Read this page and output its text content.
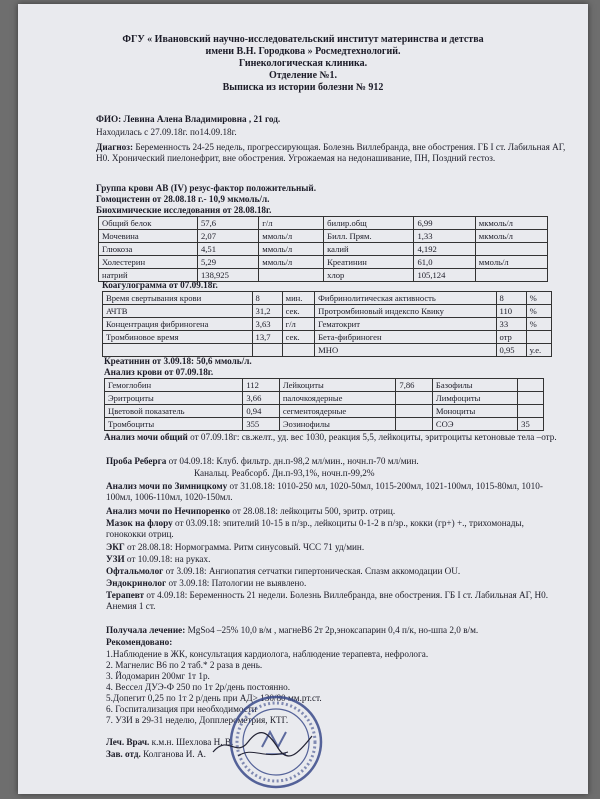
ФГУ « Ивановский научно-исследовательский институт материнства и детства
имени В.Н. Городкова » Росмедтехнологий.
Гинекологическая клиника.
Отделение №1.
Выписка из истории болезни № 912
ФИО: Левина Алена Владимировна , 21 год.
Находилась с 27.09.18г. по14.09.18г.
Диагноз: Беременность 24-25 недель, прогрессирующая. Болезнь Виллебранда, вне обострения. ГБ I ст. Лабильная АГ, Н0. Хронический пиелонефрит, вне обострения. Угрожаемая на недонашивание, ПН, Поздний гестоз.
Группа крови АВ (IV) резус-фактор положительный.
Гомоцистеин от 28.08.18 г.- 10,9 мкмоль/л.
Биохимические исследования от 28.08.18г.
Общий белок	57,6	г/л	билир.общ	6,99	мкмоль/л
Мочевина	2,07	ммоль/л	Билл. Прям.	1,33	мкмоль/л
Глюкоза	4,51	ммоль/л	калий	4,192	
Холестерин	5,29	ммоль/л	Креатинин	61,0	ммоль/л
натрий	138,925		хлор	105,124	
Коагулограмма от 07.09.18г.
Время свертывания крови	8	мин.	Фибринолитическая активность	8	%
АЧТВ	31,2	сек.	Протромбиновый индекспо Квику	110	%
Концентрация фибриногена	3,63	г/л	Гематокрит	33	%
Тромбиновое время	13,7	сек.	Бета-фибриноген	отр	
			МНО	0,95	у.е.
Креатинин от 3.09.18: 50,6 ммоль/л.
Анализ крови от 07.09.18г.
Гемоглобин	112	Лейкоциты	7,86	Базофилы	
Эритроциты	3,66	палочкоядерные		Лимфоциты	
Цветовой показатель	0,94	сегментоядерные		Моноциты	
Тромбоциты	355	Эозинофилы		СОЭ	35
Анализ мочи общий от 07.09.18г: св.желт., уд. вес 1030, реакция 5,5, лейкоциты, эритроциты кетоновые тела –отр.
Проба Реберга от 04.09.18: Клуб. фильтр. дн.п-98,2 мл/мин., ночн.п-70 мл/мин.
Канальц. Реабсорб. Дн.п-93,1%, ночн.п-99,2%
Анализ мочи по Зимницкому от 31.08.18: 1010-250 мл, 1020-50мл, 1015-200мл, 1021-100мл, 1015-80мл, 1010-100мл, 1006-110мл, 1020-150мл.
Анализ мочи по Нечипоренко от 28.08.18: лейкоциты 500, эритр. отриц.
Мазок на флору от 03.09.18: эпителий 10-15 в п/зр., лейкоциты 0-1-2 в п/зр., кокки (гр+) +., трихомонады, гонококки отриц.
ЭКГ от 28.08.18: Нормограмма. Ритм синусовый. ЧСС 71 уд/мин.
УЗИ от 10.09.18: на руках.
Офтальмолог от 3.09.18: Ангиопатия сетчатки гипертоническая. Спазм аккомодации OU.
Эндокринолог от 3.09.18: Патологии не выявлено.
Терапевт от 4.09.18: Беременность 21 недели. Болезнь Виллебранда, вне обострения. ГБ I ст. Лабильная АГ, Н0. Анемия 1 ст.
Получала лечение: MgSo4 –25% 10,0 в/м , магнеВ6 2т 2р,эноксапарин 0,4 п/к, но-шпа 2,0 в/м.
Рекомендовано:
1.Наблюдение в ЖК, консультация кардиолога, наблюдение терапевта, нефролога.
2. Магнелис В6 по 2 таб.* 2 раза в день.
3. Йодомарин 200мг 1т 1р.
4. Вессел ДУЭ-Ф 250 по 1т 2р/день постоянно.
5.Допегит 0,25 по 1т 2 р/день при АД> 130/80 мм.рт.ст.
6. Госпитализация при необходимости
7. УЗИ в 29-31 неделю, Допплерометрия, КТГ.
Леч. Врач. к.м.н. Шехлова Н. В.
Зав. отд. Колганова И. А.
